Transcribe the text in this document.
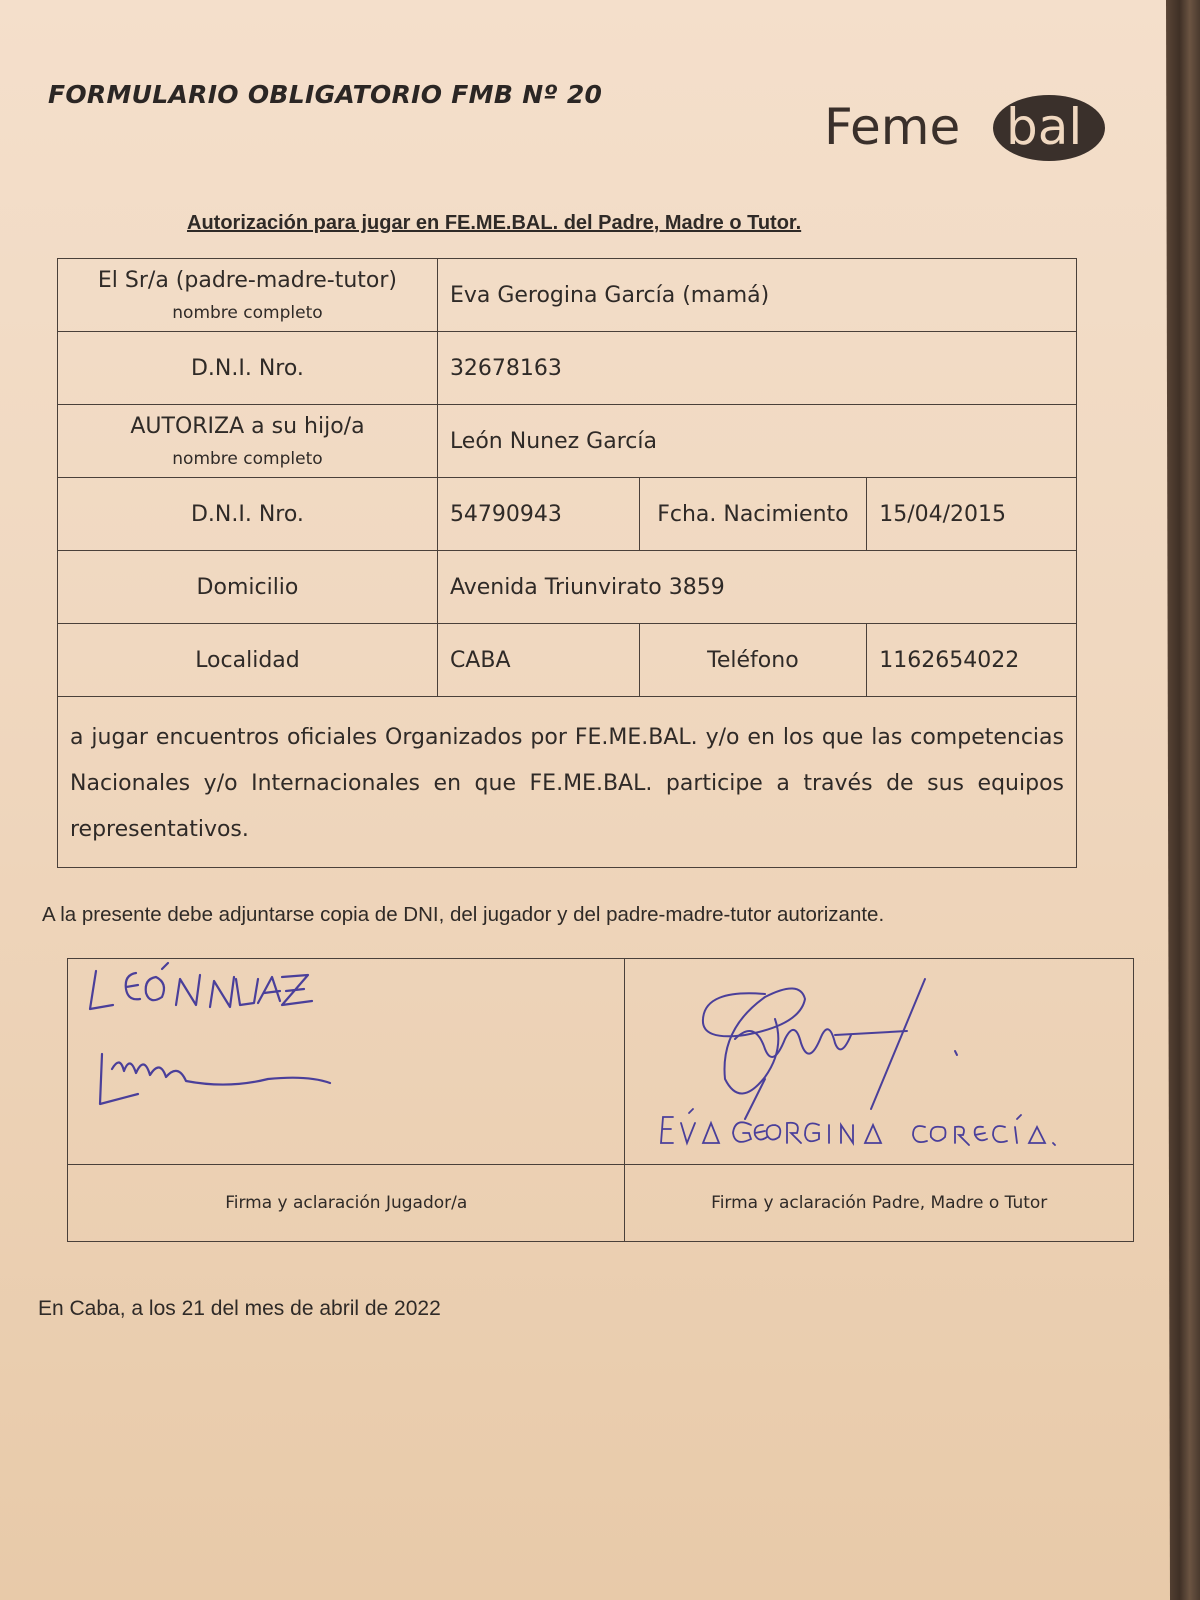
FORMULARIO OBLIGATORIO FMB Nº 20
Feme bal
Autorización para jugar en FE.ME.BAL. del Padre, Madre o Tutor.
El Sr/a (padre-madre-tutor)
nombre completo	Eva Gerogina García (mamá)		
D.N.I. Nro.	32678163		

AUTORIZA a su hijo/a
nombre completo	León Nunez García		
D.N.I. Nro.	54790943	Fcha. Nacimiento	15/04/2015
Domicilio	Avenida Triunvirato 3859		
Localidad	CABA	Teléfono	1162654022
a jugar encuentros oficiales Organizados por FE.ME.BAL. y/o en los que las competencias Nacionales y/o Internacionales en que FE.ME.BAL. participe a través de sus equipos representativos.			
A la presente debe adjuntarse copia de DNI, del jugador y del padre-madre-tutor autorizante.

Firma y aclaración Jugador/a	Firma y aclaración Padre, Madre o Tutor
En Caba, a los 21 del mes de abril de 2022
